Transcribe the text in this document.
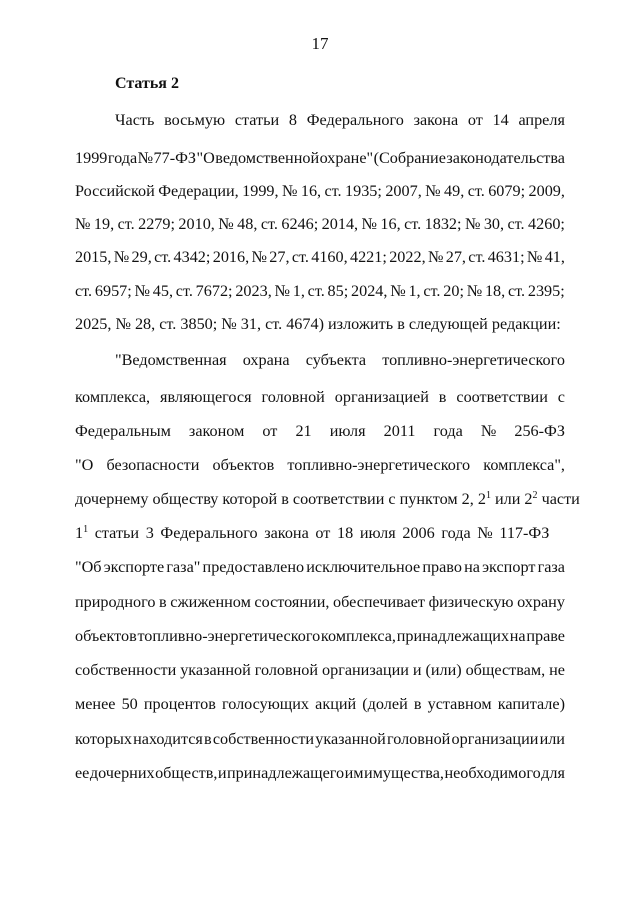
17
Статья 2
Часть восьмую статьи 8 Федерального закона от 14 апреля
1999 года № 77-ФЗ "О ведомственной охране" (Собрание законодательства
Российской Федерации, 1999, № 16, ст. 1935; 2007, № 49, ст. 6079; 2009,
№ 19, ст. 2279; 2010, № 48, ст. 6246; 2014, № 16, ст. 1832; № 30, ст. 4260;
2015, № 29, ст. 4342; 2016, № 27, ст. 4160, 4221; 2022, № 27, ст. 4631; № 41,
ст. 6957; № 45, ст. 7672; 2023, № 1, ст. 85; 2024, № 1, ст. 20; № 18, ст. 2395;
2025, № 28, ст. 3850; № 31, ст. 4674) изложить в следующей редакции:
"Ведомственная охрана субъекта топливно-энергетического
комплекса, являющегося головной организацией в соответствии с
Федеральным законом от 21 июля 2011 года № 256-ФЗ
"О безопасности объектов топливно-энергетического комплекса",
дочернему обществу которой в соответствии с пунктом 2, $2^1$ или $2^2$ части
$1^1$ статьи 3 Федерального закона от 18 июля 2006 года № 117-ФЗ
"Об экспорте газа" предоставлено исключительное право на экспорт газа
природного в сжиженном состоянии, обеспечивает физическую охрану
объектов топливно-энергетического комплекса, принадлежащих на праве
собственности указанной головной организации и (или) обществам, не
менее 50 процентов голосующих акций (долей в уставном капитале)
которых находится в собственности указанной головной организации или
ее дочерних обществ, и принадлежащего им имущества, необходимого для
